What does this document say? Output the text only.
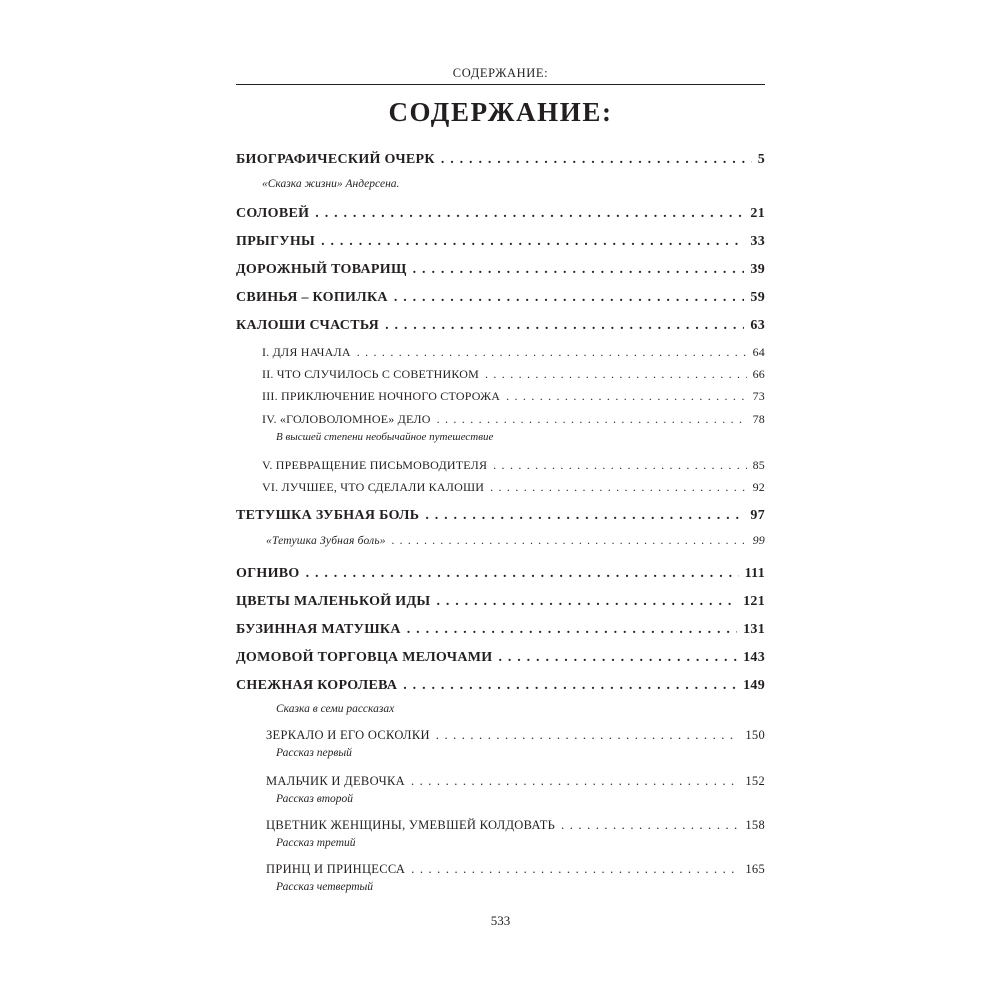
СОДЕРЖАНИЕ:
СОДЕРЖАНИЕ:
БИОГРАФИЧЕСКИЙ ОЧЕРК . . .	5
«Сказка жизни» Андерсена.
СОЛОВЕЙ . . .	21
ПРЫГУНЫ . . .	33
ДОРОЖНЫЙ ТОВАРИЩ . . .	39
СВИНЬЯ – КОПИЛКА . . .	59
КАЛОШИ СЧАСТЬЯ . . .	63
I. ДЛЯ НАЧАЛА . . .	64
II. ЧТО СЛУЧИЛОСЬ С СОВЕТНИКОМ . . .	66
III. ПРИКЛЮЧЕНИЕ НОЧНОГО СТОРОЖА . . .	73
IV. «ГОЛОВОЛОМНОЕ» ДЕЛО . . .	78
В высшей степени необычайное путешествие
V. ПРЕВРАЩЕНИЕ ПИСЬМОВОДИТЕЛЯ . . .	85
VI. ЛУЧШЕЕ, ЧТО СДЕЛАЛИ КАЛОШИ . . .	92
ТЕТУШКА ЗУБНАЯ БОЛЬ . . .	97
«Тетушка Зубная боль» . . .	99
ОГНИВО . . .	111
ЦВЕТЫ МАЛЕНЬКОЙ ИДЫ . . .	121
БУЗИННАЯ МАТУШКА . . .	131
ДОМОВОЙ ТОРГОВЦА МЕЛОЧАМИ . . .	143
СНЕЖНАЯ КОРОЛЕВА . . .	149
Сказка в семи рассказах
ЗЕРКАЛО И ЕГО ОСКОЛКИ . . .	150
Рассказ первый
МАЛЬЧИК И ДЕВОЧКА . . .	152
Рассказ второй
ЦВЕТНИК ЖЕНЩИНЫ, УМЕВШЕЙ КОЛДОВАТЬ . . .	158
Рассказ третий
ПРИНЦ И ПРИНЦЕССА . . .	165
Рассказ четвертый
533
